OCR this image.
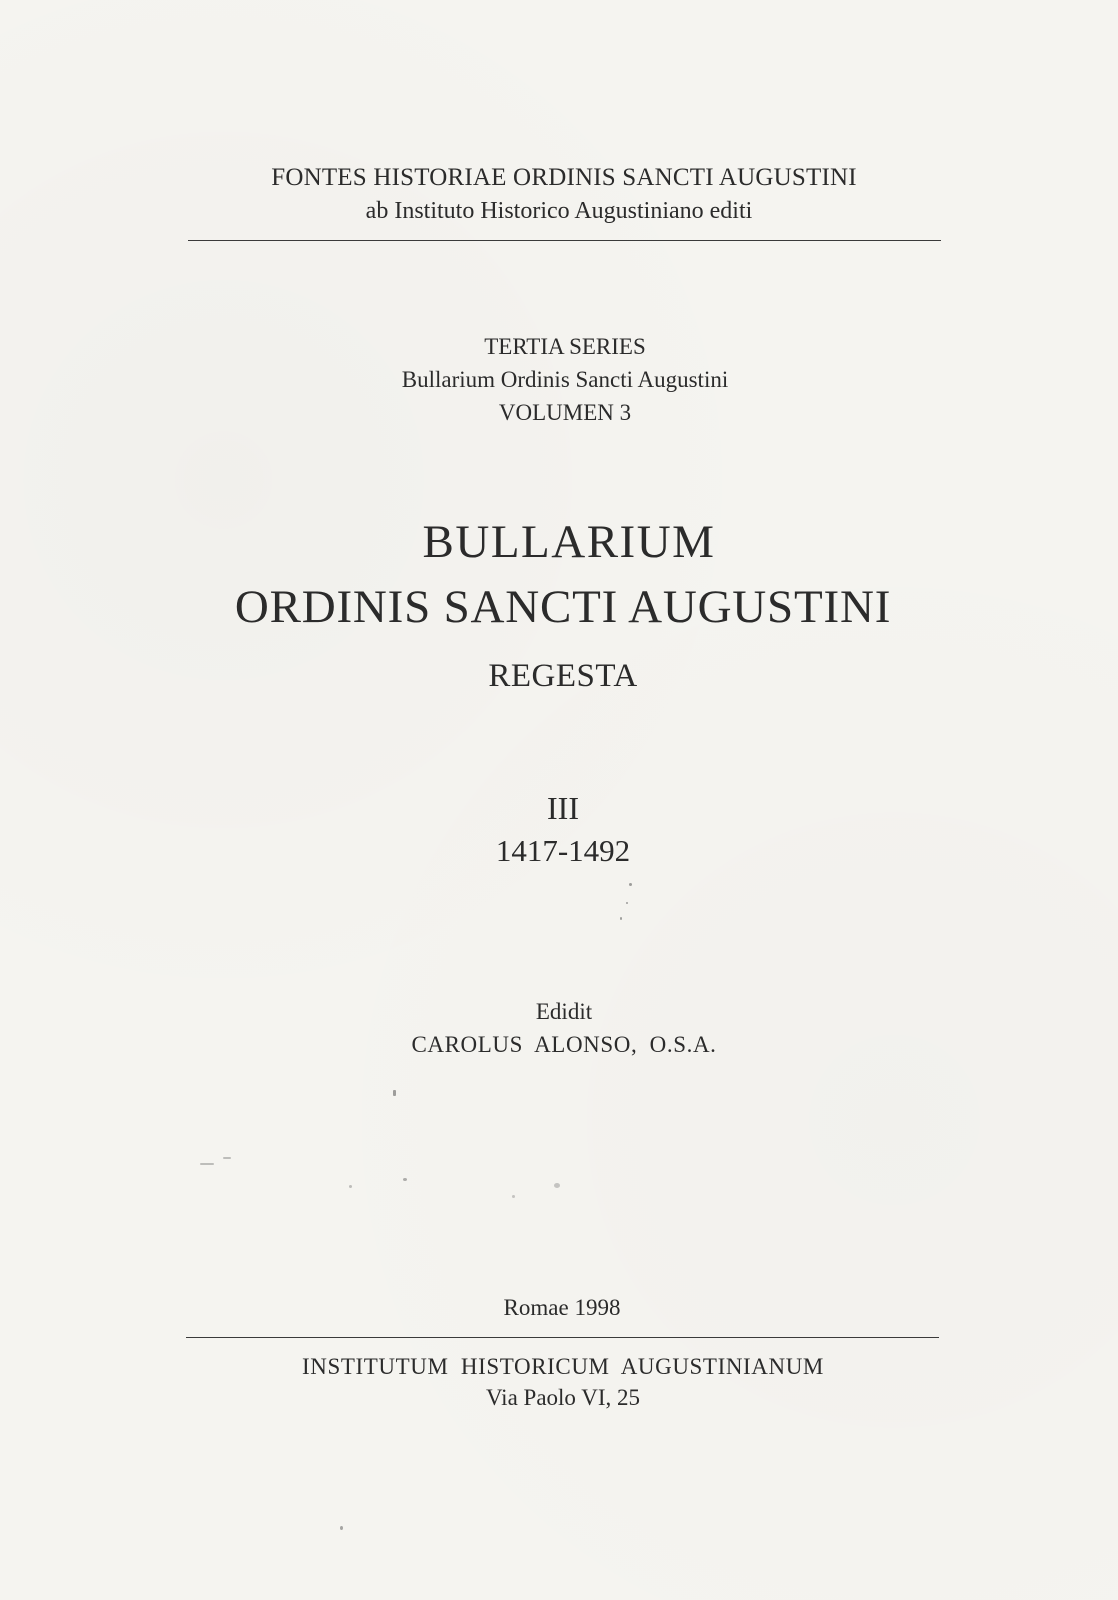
FONTES HISTORIAE ORDINIS SANCTI AUGUSTINI
ab Instituto Historico Augustiniano editi
TERTIA SERIES
Bullarium Ordinis Sancti Augustini
VOLUMEN 3
BULLARIUM
ORDINIS SANCTI AUGUSTINI
REGESTA
III
1417-1492
Edidit
CAROLUS ALONSO, O.S.A.
Romae 1998
INSTITUTUM HISTORICUM AUGUSTINIANUM
Via Paolo VI, 25
